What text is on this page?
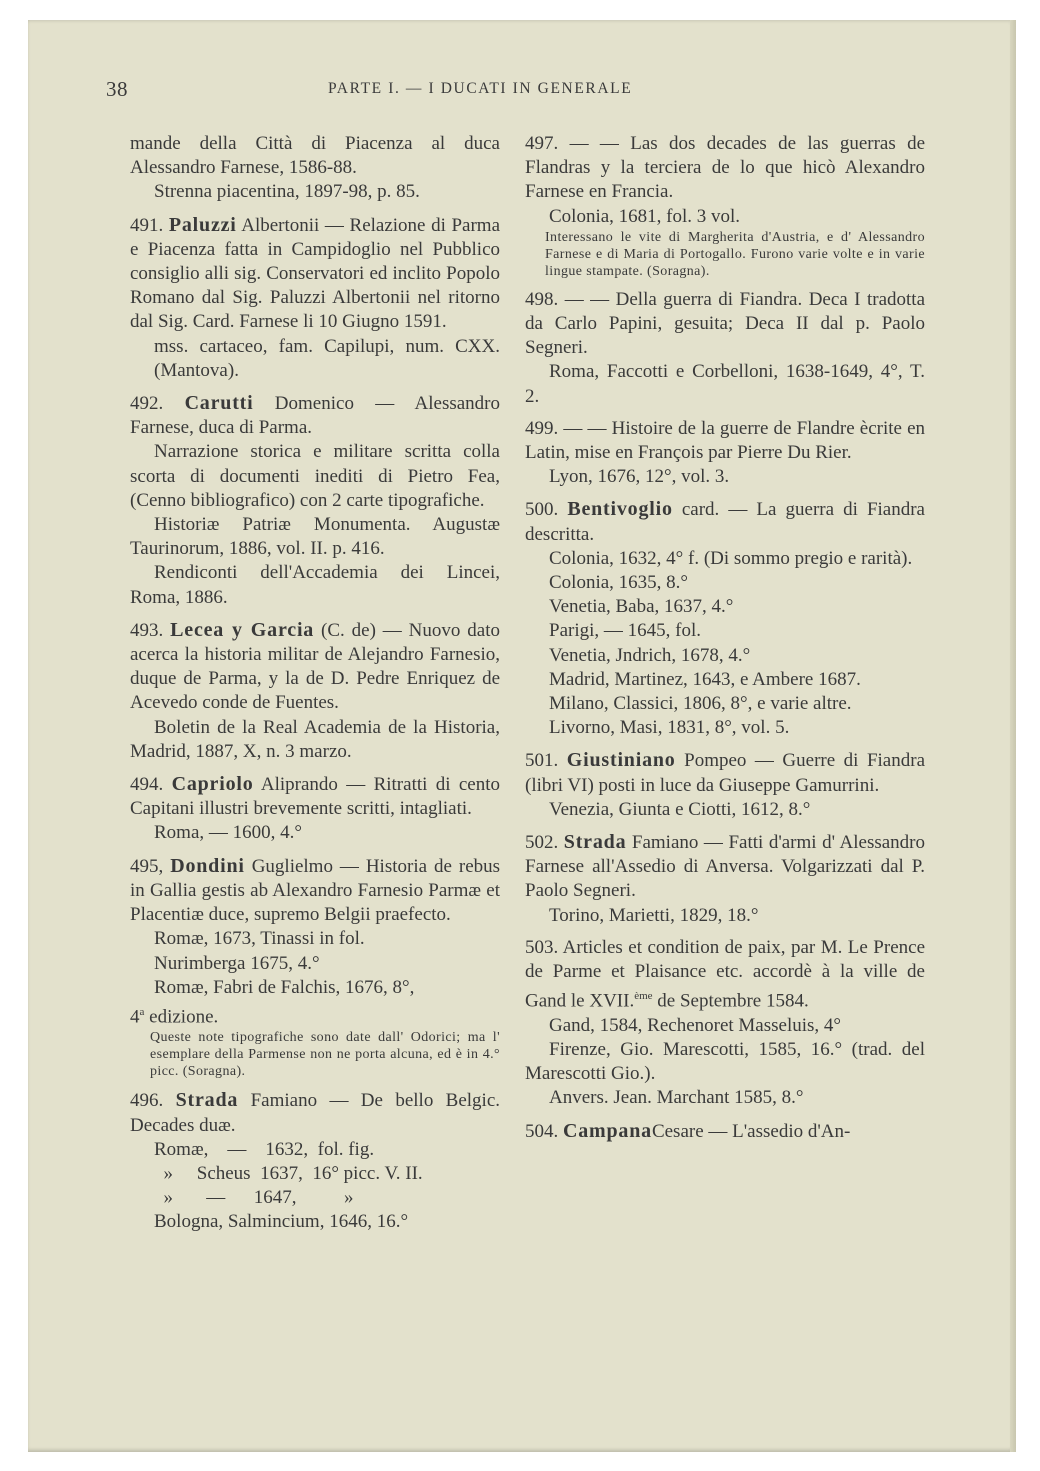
38	PARTE I. — I DUCATI IN GENERALE

mande della Città di Piacenza al duca Alessandro Farnese, 1586-88.

Strenna piacentina, 1897-98, p. 85.

491. Paluzzi Albertonii — Relazione di Parma e Piacenza fatta in Campidoglio nel Pubblico consiglio alli sig. Conservatori ed inclito Popolo Romano dal Sig. Paluzzi Albertonii nel ritorno dal Sig. Card. Farnese li 10 Giugno 1591.

mss. cartaceo, fam. Capilupi, num. CXX. (Mantova).

492. Carutti Domenico — Alessandro Farnese, duca di Parma.

Narrazione storica e militare scritta colla scorta di documenti inediti di Pietro Fea, (Cenno bibliografico) con 2 carte tipografiche.

Historiæ Patriæ Monumenta. Augustæ Taurinorum, 1886, vol. II. p. 416.

Rendiconti dell'Accademia dei Lincei, Roma, 1886.

493. Lecea y Garcia (C. de) — Nuovo dato acerca la historia militar de Alejandro Farnesio, duque de Parma, y la de D. Pedre Enriquez de Acevedo conde de Fuentes.

Boletin de la Real Academia de la Historia, Madrid, 1887, X, n. 3 marzo.

494. Capriolo Aliprando — Ritratti di cento Capitani illustri brevemente scritti, intagliati.

Roma, — 1600, 4.°

495, Dondini Guglielmo — Historia de rebus in Gallia gestis ab Alexandro Farnesio Parmæ et Placentiæ duce, supremo Belgii praefecto.

Romæ, 1673, Tinassi in fol.

Nurimberga 1675, 4.°

Romæ, Fabri de Falchis, 1676, 8°,

4$^a$ edizione.

Queste note tipografiche sono date dall' Odorici; ma l' esemplare della Parmense non ne porta alcuna, ed è in 4.° picc. (Soragna).

496. Strada Famiano — De bello Belgic. Decades duæ.

Romæ,    —    1632,  fol. fig.

»     Scheus  1637,  16° picc. V. II.

»       —      1647,          »

Bologna, Salmincium, 1646, 16.°

497. — — Las dos decades de las guerras de Flandras y la terciera de lo que hicò Alexandro Farnese en Francia.

Colonia, 1681, fol. 3 vol.

Interessano le vite di Margherita d'Austria, e d' Alessandro Farnese e di Maria di Portogallo. Furono varie volte e in varie lingue stampate. (Soragna).

498. — — Della guerra di Fiandra. Deca I tradotta da Carlo Papini, gesuita; Deca II dal p. Paolo Segneri.

Roma, Faccotti e Corbelloni, 1638-1649, 4°, T. 2.

499. — — Histoire de la guerre de Flandre ècrite en Latin, mise en François par Pierre Du Rier.

Lyon, 1676, 12°, vol. 3.

500. Bentivoglio card. — La guerra di Fiandra descritta.

Colonia, 1632, 4° f. (Di sommo pregio e rarità).

Colonia, 1635, 8.°

Venetia, Baba, 1637, 4.°

Parigi, — 1645, fol.

Venetia, Jndrich, 1678, 4.°

Madrid, Martinez, 1643, e Ambere 1687.

Milano, Classici, 1806, 8°, e varie altre.

Livorno, Masi, 1831, 8°, vol. 5.

501. Giustiniano Pompeo — Guerre di Fiandra (libri VI) posti in luce da Giuseppe Gamurrini.

Venezia, Giunta e Ciotti, 1612, 8.°

502. Strada Famiano — Fatti d'armi d' Alessandro Farnese all'Assedio di Anversa. Volgarizzati dal P. Paolo Segneri.

Torino, Marietti, 1829, 18.°

503. Articles et condition de paix, par M. Le Prence de Parme et Plaisance etc. accordè à la ville de Gand le XVII.$^{ème}$ de Septembre 1584.

Gand, 1584, Rechenoret Masseluis, 4°

Firenze, Gio. Marescotti, 1585, 16.° (trad. del Marescotti Gio.).

Anvers. Jean. Marchant 1585, 8.°

504. CampanaCesare — L'assedio d'An-
